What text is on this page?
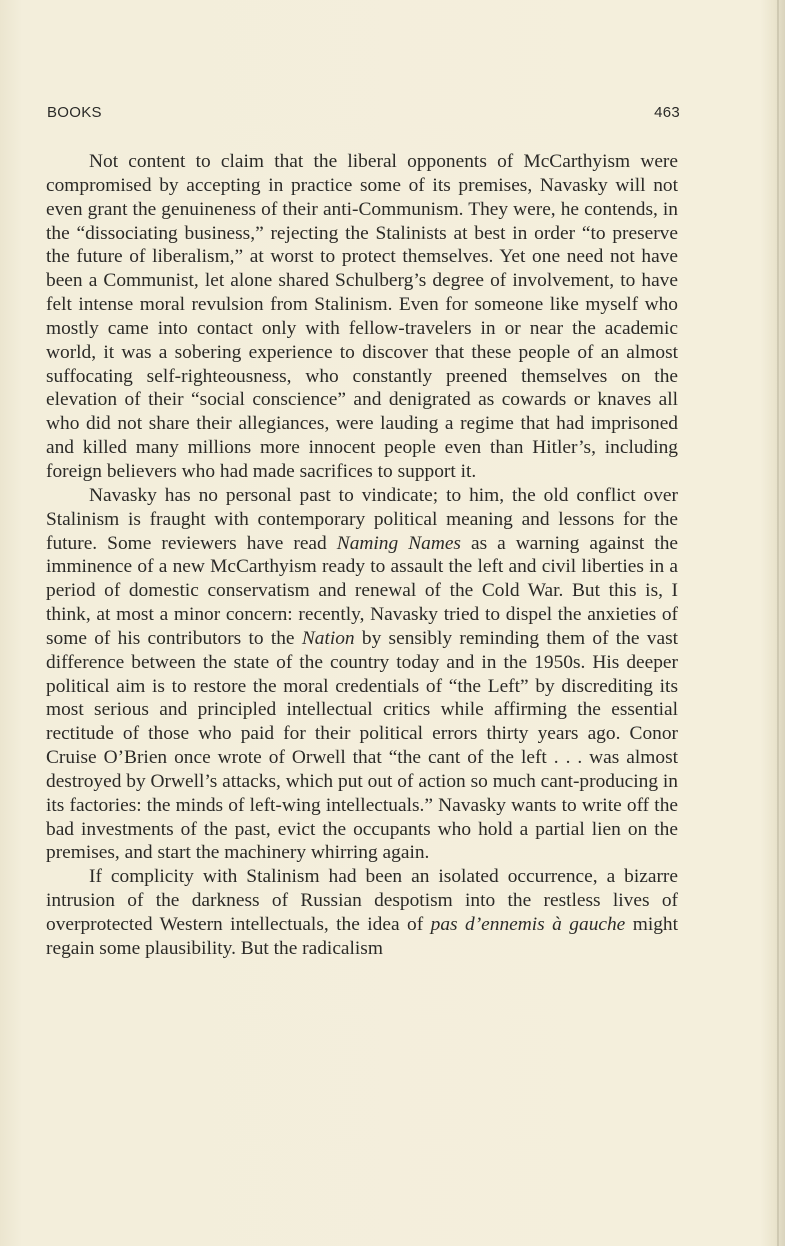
BOOKS	463

Not content to claim that the liberal opponents of McCarthyism were compromised by accepting in practice some of its premises, Navasky will not even grant the genuineness of their anti-Communism. They were, he contends, in the “dissociating business,” rejecting the Stalinists at best in order “to preserve the future of liberalism,” at worst to protect themselves. Yet one need not have been a Communist, let alone shared Schulberg’s degree of involvement, to have felt intense moral revulsion from Stalinism. Even for someone like myself who mostly came into contact only with fellow-travelers in or near the academic world, it was a sobering experience to discover that these people of an almost suffocating self-righteousness, who constantly preened themselves on the elevation of their “social conscience” and denigrated as cowards or knaves all who did not share their allegiances, were lauding a regime that had imprisoned and killed many millions more innocent people even than Hitler’s, including foreign believers who had made sacrifices to support it.

Navasky has no personal past to vindicate; to him, the old conflict over Stalinism is fraught with contemporary political meaning and lessons for the future. Some reviewers have read Naming Names as a warning against the imminence of a new McCarthyism ready to assault the left and civil liberties in a period of domestic conservatism and renewal of the Cold War. But this is, I think, at most a minor concern: recently, Navasky tried to dispel the anxieties of some of his contributors to the Nation by sensibly reminding them of the vast difference between the state of the country today and in the 1950s. His deeper political aim is to restore the moral credentials of “the Left” by discrediting its most serious and principled intellectual critics while affirming the essential rectitude of those who paid for their political errors thirty years ago. Conor Cruise O’Brien once wrote of Orwell that “the cant of the left . . . was almost destroyed by Orwell’s attacks, which put out of action so much cant-producing in its factories: the minds of left-wing intellectuals.” Navasky wants to write off the bad investments of the past, evict the occupants who hold a partial lien on the premises, and start the machinery whirring again.

If complicity with Stalinism had been an isolated occurrence, a bizarre intrusion of the darkness of Russian despotism into the restless lives of overprotected Western intellectuals, the idea of pas d’ennemis à gauche might regain some plausibility. But the radicalism
